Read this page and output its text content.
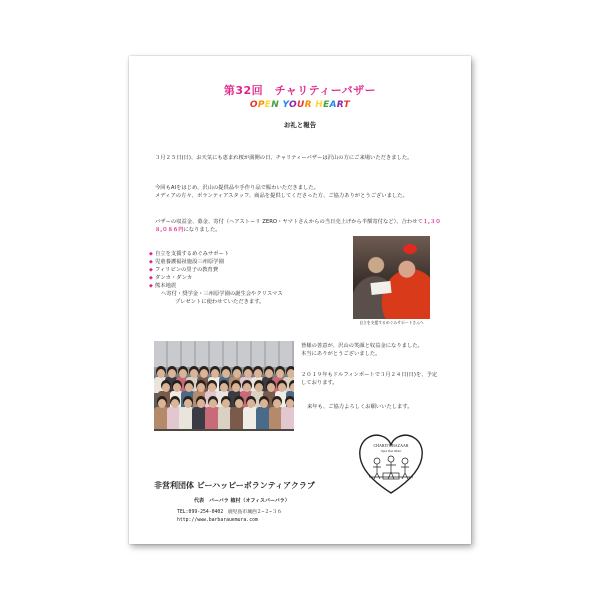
第32回　チャリティーバザー
OPEN YOUR HEART
お礼と報告
３月２５日(日)、お天気にも恵まれ桜が満開の日、チャリティーバザーは沢山の方にご来場いただきました。
今回もAIをはじめ、沢山の提供品や手作り品で賑わいただきました。
メディアの方々、ボランティアスタッフ、商品を提供してくださった方、ご協力ありがとうございました。
バザーの収益金、募金、寄付（ヘアストーリ ZERO・ヤマトさんからの当日売上げから半額寄付など）、合わせて１,３０８,０８６円になりました。
◆ 自立を支援するめぐみサポート
◆ 児童養護福祉施設三州原学園
◆ フィリピンの里子の教育費
◆ ダンカ・ダンカ
◆ 熊本地震
へ寄付・奨学金・三州原学園の誕生会やクリスマス
プレゼントに使わせていただきます。
自立を支援するめぐみサポートさんへ
皆様の善意が、沢山の笑顔と収益金になりました。
本当にありがとうございました。
２０１９年もドルフィンポートで３月２４日(日)を、予定
しております。
来年も、ご協力よろしくお願いいたします。
CHARITY BAZAAR
Open Your Heart
非営利団体 ビーハッピーボランティアクラブ
代表　バーバラ 植村（オフィスバーバラ）
TEL:099-254-0402　鹿児島市城西２−２−３６
http://www.barbarauemura.com
